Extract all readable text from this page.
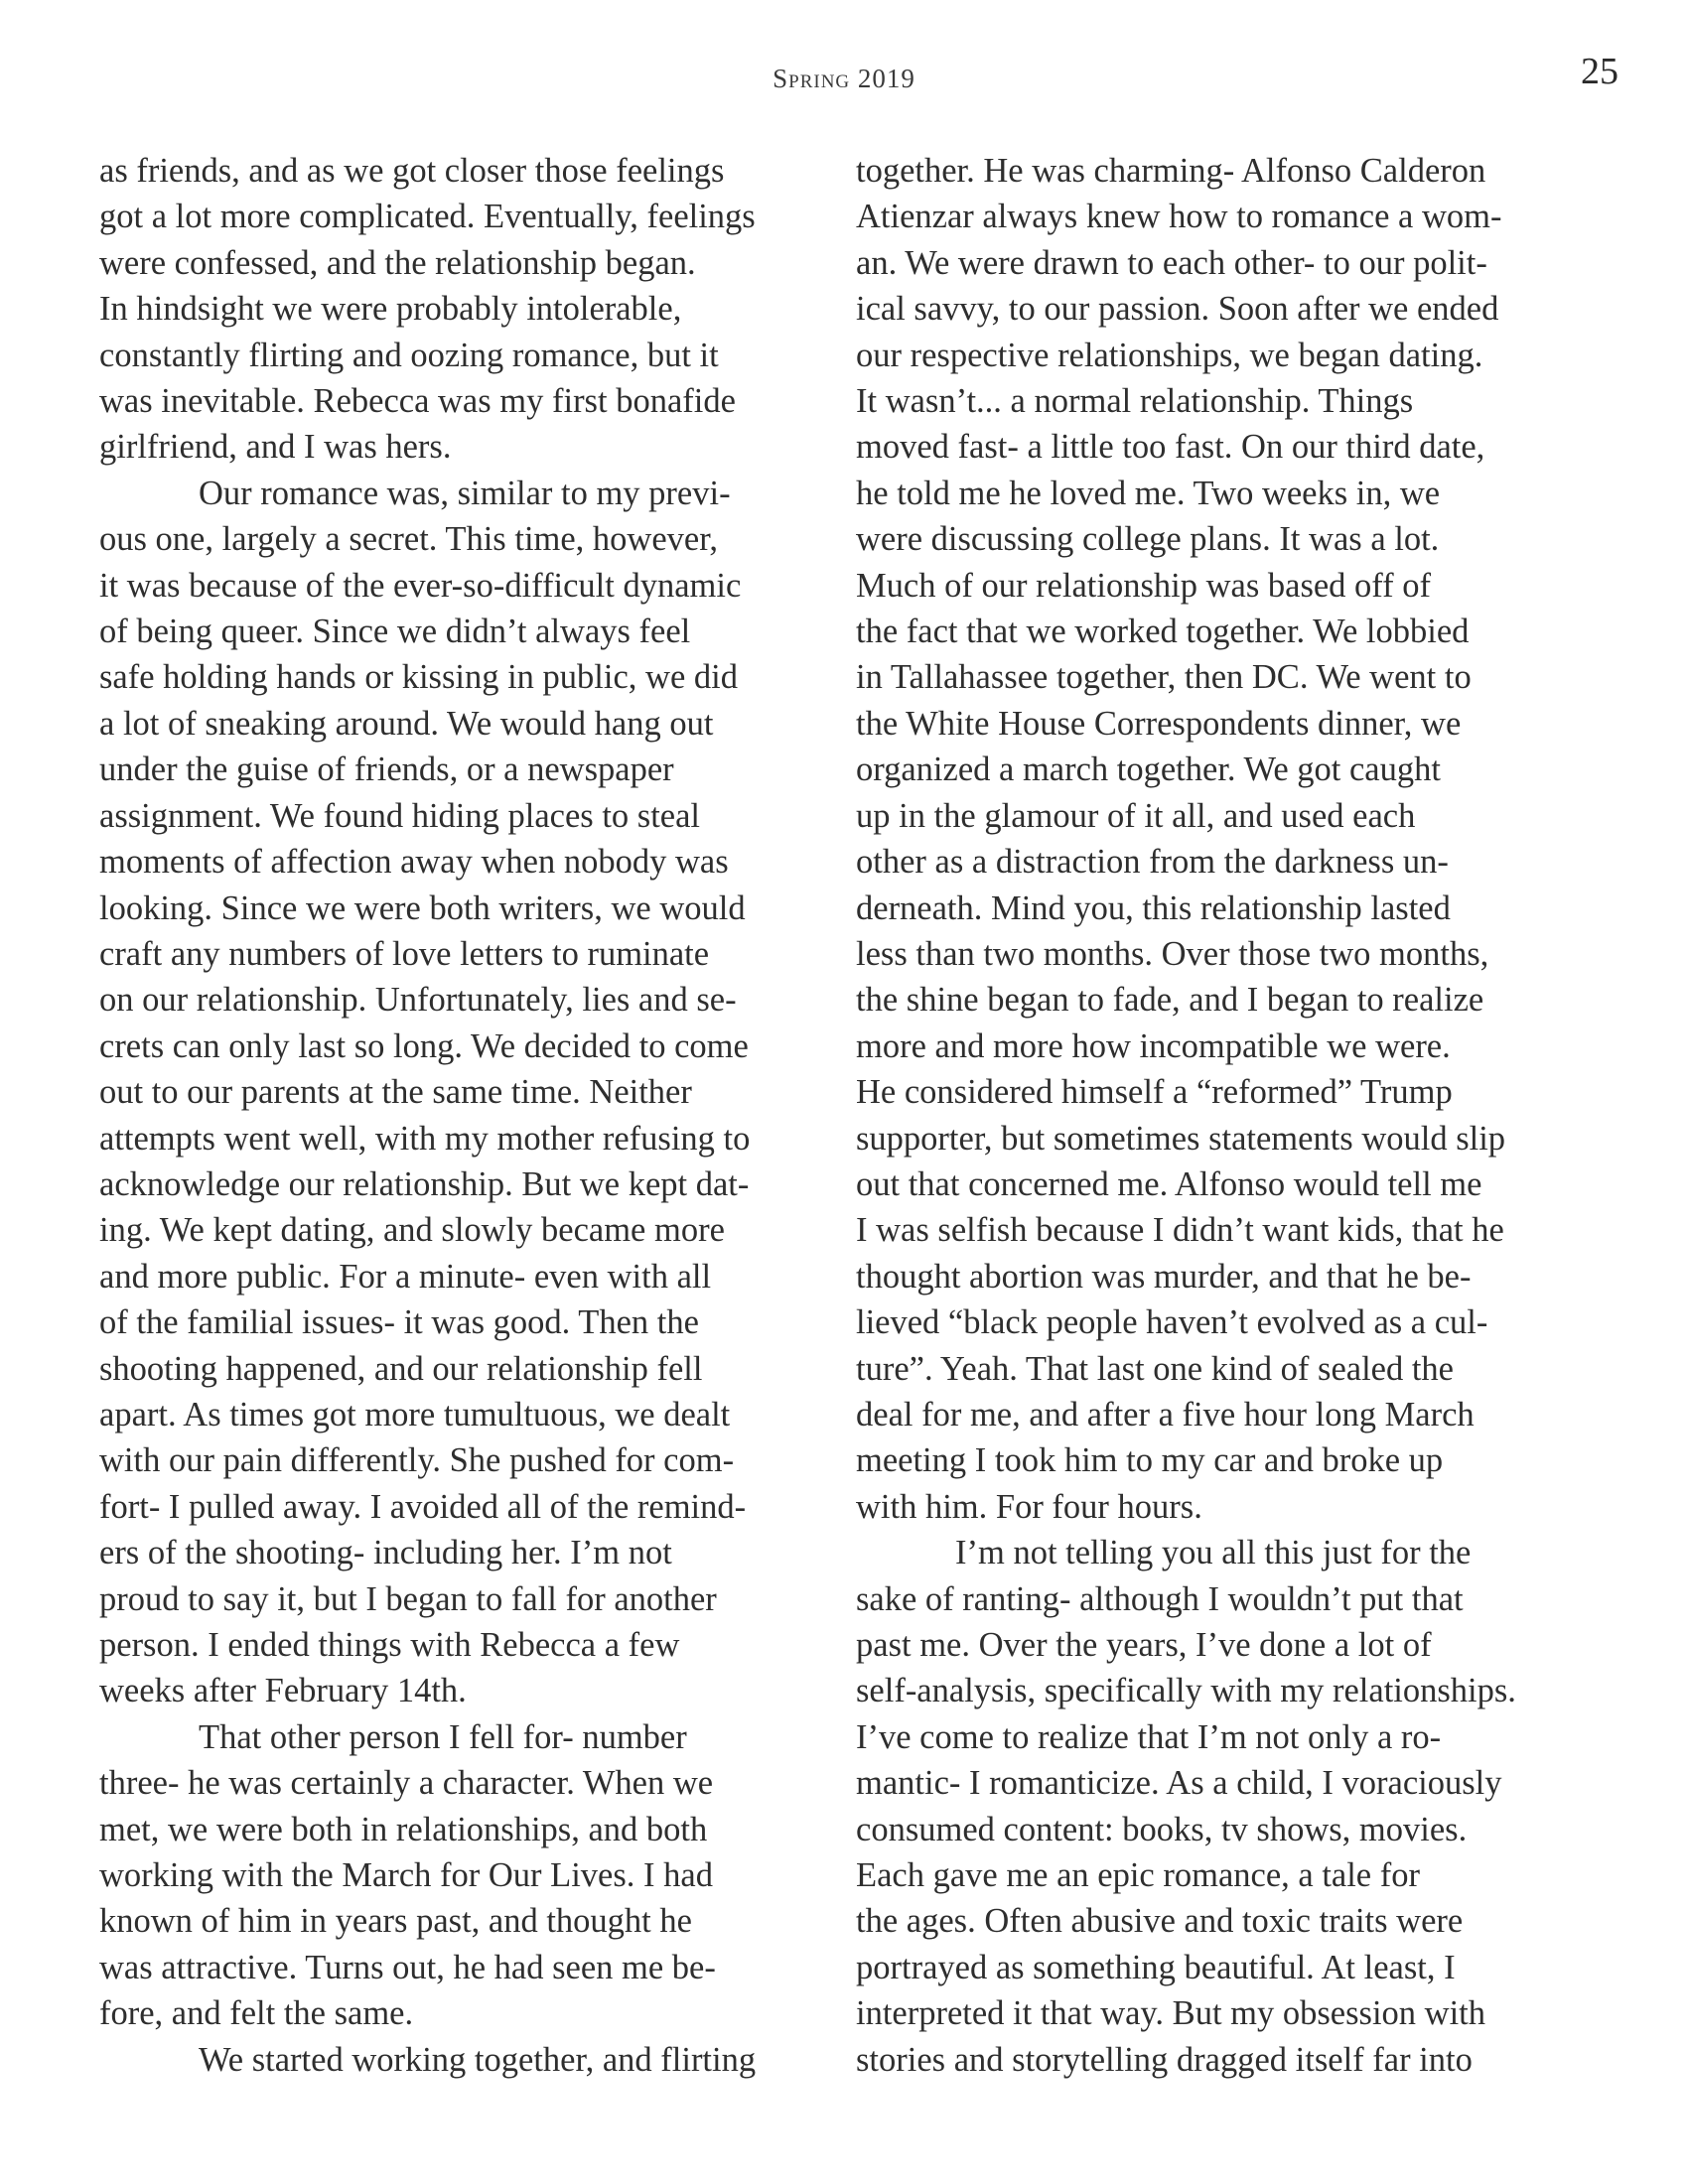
Spring 2019	25
as friends, and as we got closer those feelings
got a lot more complicated. Eventually, feelings
were confessed, and the relationship began.
In hindsight we were probably intolerable,
constantly flirting and oozing romance, but it
was inevitable. Rebecca was my first bonafide
girlfriend, and I was hers.
Our romance was, similar to my previ-
ous one, largely a secret. This time, however,
it was because of the ever-so-difficult dynamic
of being queer. Since we didn’t always feel
safe holding hands or kissing in public, we did
a lot of sneaking around. We would hang out
under the guise of friends, or a newspaper
assignment. We found hiding places to steal
moments of affection away when nobody was
looking. Since we were both writers, we would
craft any numbers of love letters to ruminate
on our relationship. Unfortunately, lies and se-
crets can only last so long. We decided to come
out to our parents at the same time. Neither
attempts went well, with my mother refusing to
acknowledge our relationship. But we kept dat-
ing. We kept dating, and slowly became more
and more public. For a minute- even with all
of the familial issues- it was good. Then the
shooting happened, and our relationship fell
apart. As times got more tumultuous, we dealt
with our pain differently. She pushed for com-
fort- I pulled away. I avoided all of the remind-
ers of the shooting- including her. I’m not
proud to say it, but I began to fall for another
person. I ended things with Rebecca a few
weeks after February 14th.
That other person I fell for- number
three- he was certainly a character. When we
met, we were both in relationships, and both
working with the March for Our Lives. I had
known of him in years past, and thought he
was attractive. Turns out, he had seen me be-
fore, and felt the same.
We started working together, and flirting
together. He was charming- Alfonso Calderon
Atienzar always knew how to romance a wom-
an. We were drawn to each other- to our polit-
ical savvy, to our passion. Soon after we ended
our respective relationships, we began dating.
It wasn’t... a normal relationship. Things
moved fast- a little too fast. On our third date,
he told me he loved me. Two weeks in, we
were discussing college plans. It was a lot.
Much of our relationship was based off of
the fact that we worked together. We lobbied
in Tallahassee together, then DC. We went to
the White House Correspondents dinner, we
organized a march together. We got caught
up in the glamour of it all, and used each
other as a distraction from the darkness un-
derneath. Mind you, this relationship lasted
less than two months. Over those two months,
the shine began to fade, and I began to realize
more and more how incompatible we were.
He considered himself a “reformed” Trump
supporter, but sometimes statements would slip
out that concerned me. Alfonso would tell me
I was selfish because I didn’t want kids, that he
thought abortion was murder, and that he be-
lieved “black people haven’t evolved as a cul-
ture”. Yeah. That last one kind of sealed the
deal for me, and after a five hour long March
meeting I took him to my car and broke up
with him. For four hours.
I’m not telling you all this just for the
sake of ranting- although I wouldn’t put that
past me. Over the years, I’ve done a lot of
self-analysis, specifically with my relationships.
I’ve come to realize that I’m not only a ro-
mantic- I romanticize. As a child, I voraciously
consumed content: books, tv shows, movies.
Each gave me an epic romance, a tale for
the ages. Often abusive and toxic traits were
portrayed as something beautiful. At least, I
interpreted it that way. But my obsession with
stories and storytelling dragged itself far into
